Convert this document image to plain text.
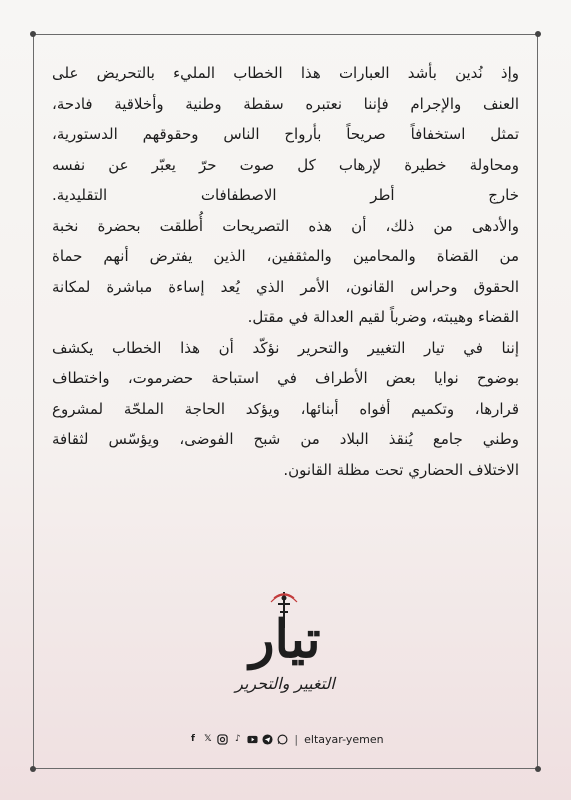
وإذ نُدين بأشد العبارات هذا الخطاب المليء بالتحريض على
العنف والإجرام فإننا نعتبره سقطة وطنية وأخلاقية فادحة،
تمثل استخفافاً صريحاً بأرواح الناس وحقوقهم الدستورية،
ومحاولة خطيرة لإرهاب كل صوت حرّ يعبّر عن نفسه
خارج أطر الاصطفافات التقليدية.
والأدهى من ذلك، أن هذه التصريحات أُطلقت بحضرة نخبة
من القضاة والمحامين والمثقفين، الذين يفترض أنهم حماة
الحقوق وحراس القانون، الأمر الذي يُعد إساءة مباشرة لمكانة
القضاء وهيبته، وضرباً لقيم العدالة في مقتل.
إننا في تيار التغيير والتحرير نؤكّد أن هذا الخطاب يكشف
بوضوح نوايا بعض الأطراف في استباحة حضرموت، واختطاف
قرارها، وتكميم أفواه أبنائها، ويؤكد الحاجة الملحّة لمشروع
وطني جامع يُنقذ البلاد من شبح الفوضى، ويؤسّس لثقافة
الاختلاف الحضاري تحت مظلة القانون.
تيار
التغيير والتحرير
f	𝕏	♪	| eltayar-yemen
